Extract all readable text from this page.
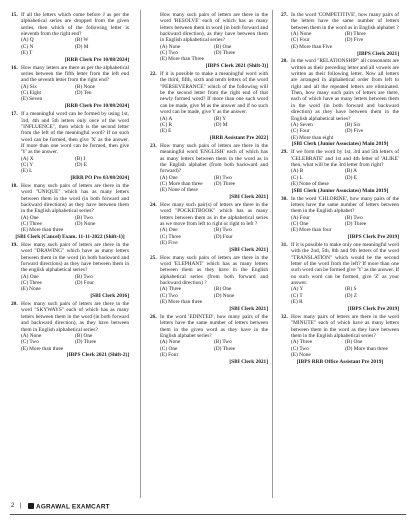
15. If all the letters which come before J as per the alphabetical series are dropped from the given series, then which of the following letter is eleventh from the right end?
(A) Q	(B) W
(C) N	(D) M
(E) T
[RRB Clerk Pre 10/08/2024]
16. How many letters are there as per the alphabetical series between the fifth letter from the left end and the seventh letter from the right end?
(A) Six	(B) None
(C) Eight	(D) Ten
(E) Seven
[RRB Clerk Pre 10/08/2024]
17. If a meaningful word can be formed by using 1st, 3rd, 4th and 5th letters only once of the word "INFLUENCE", then which is the second letter from the left of the meaningful word? If no such word can be formed, then give 'X' as the answer. If more than one word can be formed, then give 'Y' as the answer.
(A) X	(B) I
(C) Y	(D) E
(E) L
[RRB PO Pre 03/08/2024]
18. How many such pairs of letters are there in the word "UNIQUE" which has as many letters between them in the word (in both forward and backward directions) as they have between them in the English alphabetical series?
(A) One	(B) Two
(C) Three	(D) None
(E) More than three
[SBI Clerk (Cancel) Exam. 11-11-2022 (Shift-1)]
19. How many such pairs of letters are there in the word "DRAWING" which have as many letters between them in the word (in both backward and forward directions) as they have between them in the english alphabetical series?
(A) One	(B) Two
(C) Three	(D) Four
(E) None
[SBI Clerk 2016]
20. How many such pairs of letters are there in the word "SKYWAYS" each of which has as many letters between them in the word (in both forward and backward direction), as they have between them in English alphabetical series?
(A) None	(B) One
(C) Two	(D) Three
(E) More than three
[IBPS Clerk 2021 (Shift-2)]
How many such pairs of letters are there in the word 'RESOLVE' each of which has as many letters between them in word (in both forward and backward direction), as they have between them in English alphabetical series?
(A) None	(B) One
(C) Two	(D) Three
(E) More than Three
[IBPS Clerk 2021 (Shift-3)]
22. If it is possible to make a meaningful word with the third, fifth, sixth and tenth letters of the word "PERSEVERANCE" which of the following will be the second letter from the right end of that newly formed word? If more than one such word can be made, give M as the answer and if no such word can be made, give Y as the answer.
(A) A	(B) Y
(C) R	(D) M
(E) E
[RRB Assistant Pre 2022]
23. How many such pairs of letters are there in the meaningful word 'ENGLISH' each of which has as many letters between them in the word as in the English alphabet (from both backward and forward)?
(A) One	(B) Two
(C) More than three	(D) Three
(E) None of these
[SBI Clerk 2021]
24. How many such pair(s) of letters are there in the word "POCKETBOOK" which has as many letters between them as in the alphabetical series as we move from left to right or right to left ?
(A) One	(B) Two
(C) Three	(D) Four
(E) Five
[SBI Clerk 2021]
25. How many such pairs of letters are there in the word 'ELEPHANT' which has as many letters between them as they have in the English alphabetical series (from both forward and backward direction) ?
(A) Three	(B) One
(C) Two	(D) None
(E) More than three
[SBI Clerk 2021]
26. In the word 'EDINTED', how many pairs of the letters have the same number of letters between them in the given word as they have in the English alphabet series?
(A) None	(B) Two
(C) One	(D) Three
(E) Four
[SBI Clerk 2021]
27. In the word 'COMPETITIVE', how many pairs of the letters have the same number of letters between them in the word as in English alphabet ?
(A) None	(B) Three
(C) Four	(D) Five
(E) More than Five
[IBPS Clerk 2021]
28. In the word "RELATIONSHIP" all consonants are written as their preceding letter and all vowels are written as their following letter. Now all letters are arranged in alphabetical order from left to right and all the repeated letters are eliminated. Then, how many such pairs of letters are there, each of which have as many letters between them in the word (in both forward and backward direction) as they have between them in the English alphabetical series?
(A) Seven	(B) Six
(C) Four	(D) Five
(E) More than eight
[SBI Clerk (Junior Associates) Main 2019]
29. If we form the word by 1st, 3rd and 5th letters of 'CELEBRATE' and 1st and 4th letter of 'ALIKE' then, what will be the 3rd letter from right?
(A) B	(B) A
(C) L	(D) E
(E) None of these
[SBI Clerk (Junior Associates) Main 2019]
30. In the word 'CHLORINE', how many pairs of the letters have the same number of letters between them in the English alphabet?
(A) Four	(B) Two
(C) One	(D) Three
(E) More than four
[IBPS Clerk Pre 2019]
31. If it is possible to make only one meaningful word with the 2nd, 5th, 8th and 9th letters of the word "TRANSLATION" which would be the second letter of the word from the left? If more than one such word can be formed give 'Y' as the answer. If no such word can be formed, give 'Z' as your answer.
(A) Y	(B) S
(C) T	(D) Z
(E) R
[IBPS Clerk Pre 2019]
32. How many pairs of letters are there in the word "MINUTE" each of which have as many letters between them in the word as they have between them in the English alphabetical series?
(A) Three	(B) One
(C) Two	(D) More than three
(E) None
[IBPS RRB Office Assistant Pre 2019]
2 |	AGRAWAL EXAMCART
